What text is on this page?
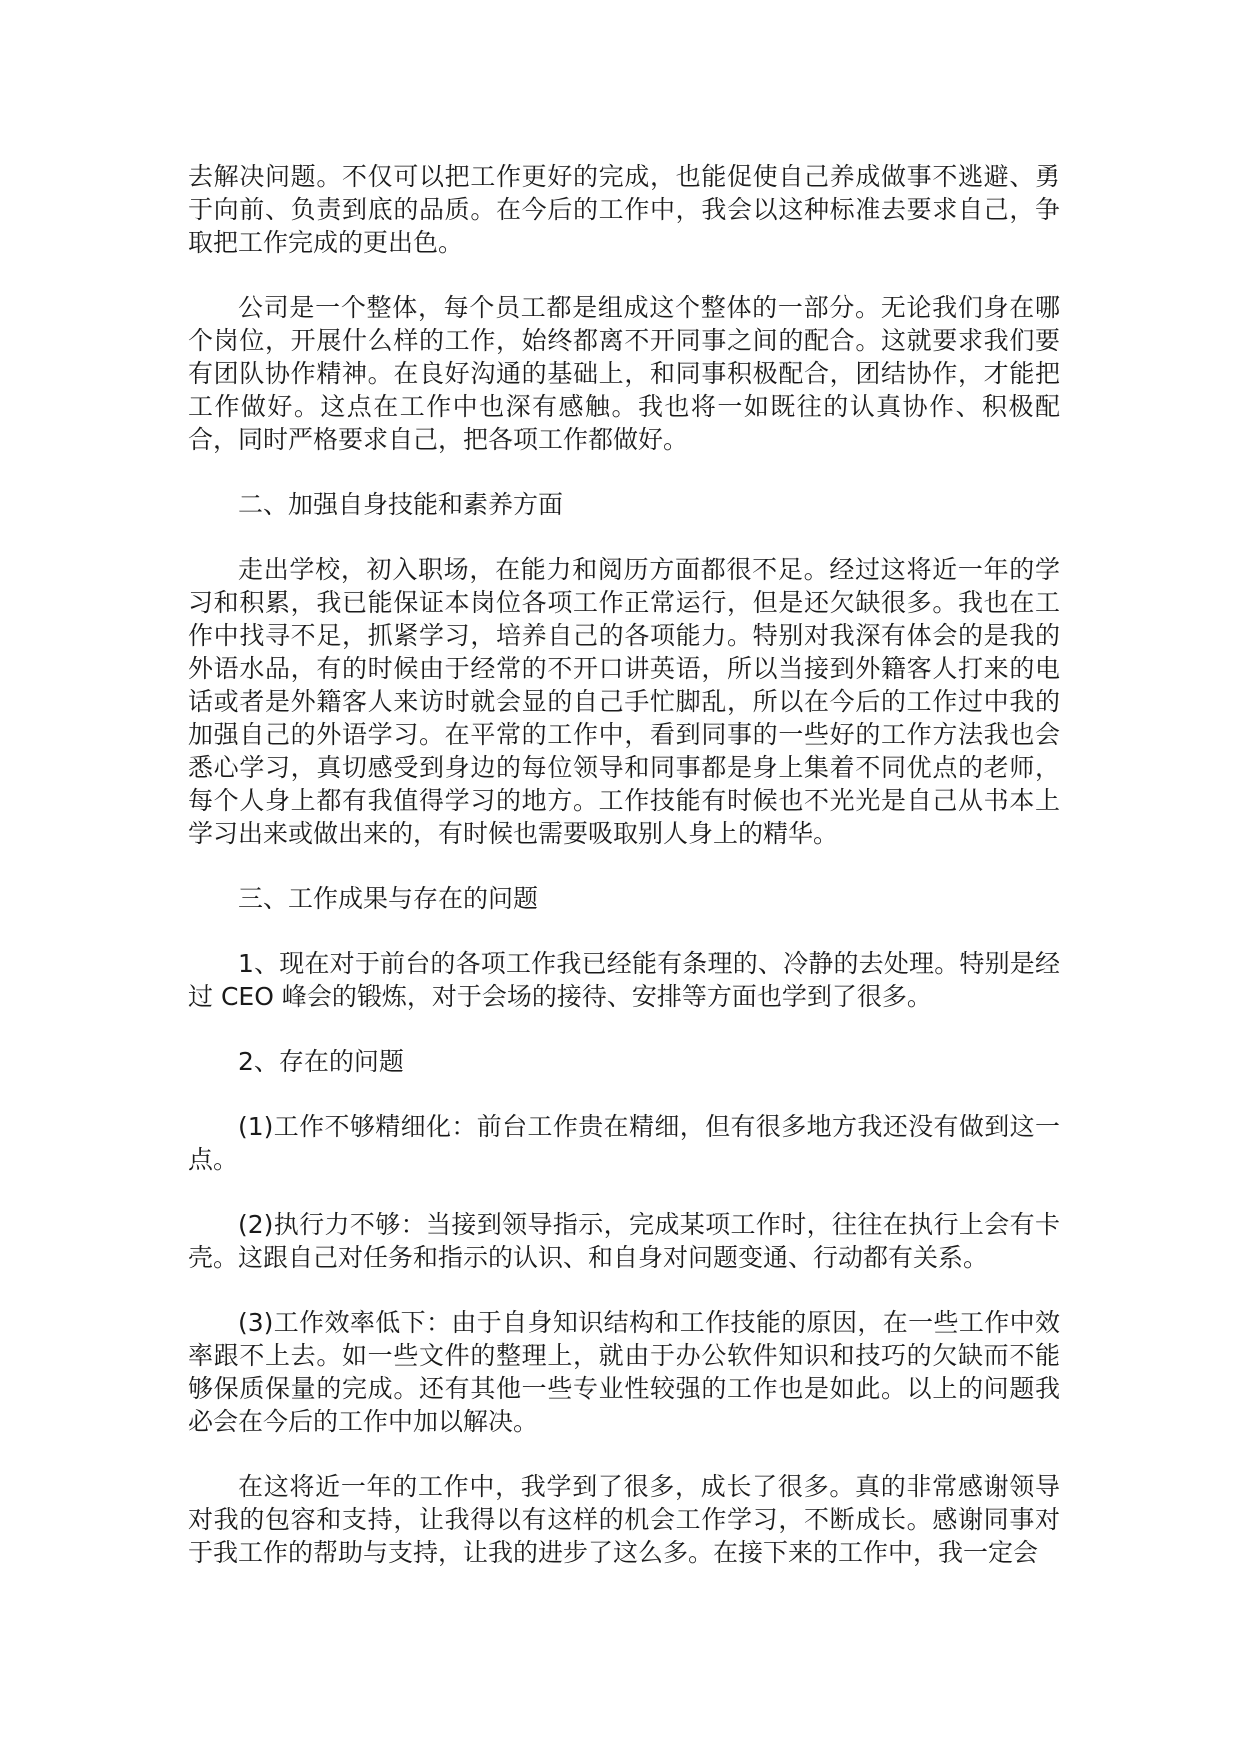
去解决问题。不仅可以把工作更好的完成，也能促使自己养成做事不逃避、勇于向前、负责到底的品质。在今后的工作中，我会以这种标准去要求自己，争取把工作完成的更出色。

公司是一个整体，每个员工都是组成这个整体的一部分。无论我们身在哪个岗位，开展什么样的工作，始终都离不开同事之间的配合。这就要求我们要有团队协作精神。在良好沟通的基础上，和同事积极配合，团结协作，才能把工作做好。这点在工作中也深有感触。我也将一如既往的认真协作、积极配合，同时严格要求自己，把各项工作都做好。

二、加强自身技能和素养方面

走出学校，初入职场，在能力和阅历方面都很不足。经过这将近一年的学习和积累，我已能保证本岗位各项工作正常运行，但是还欠缺很多。我也在工作中找寻不足，抓紧学习，培养自己的各项能力。特别对我深有体会的是我的外语水品，有的时候由于经常的不开口讲英语，所以当接到外籍客人打来的电话或者是外籍客人来访时就会显的自己手忙脚乱，所以在今后的工作过中我的加强自己的外语学习。在平常的工作中，看到同事的一些好的工作方法我也会悉心学习，真切感受到身边的每位领导和同事都是身上集着不同优点的老师，每个人身上都有我值得学习的地方。工作技能有时候也不光光是自己从书本上学习出来或做出来的，有时候也需要吸取别人身上的精华。

三、工作成果与存在的问题

1、现在对于前台的各项工作我已经能有条理的、冷静的去处理。特别是经过 CEO 峰会的锻炼，对于会场的接待、安排等方面也学到了很多。

2、存在的问题

(1)工作不够精细化：前台工作贵在精细，但有很多地方我还没有做到这一点。

(2)执行力不够：当接到领导指示，完成某项工作时，往往在执行上会有卡壳。这跟自己对任务和指示的认识、和自身对问题变通、行动都有关系。

(3)工作效率低下：由于自身知识结构和工作技能的原因，在一些工作中效率跟不上去。如一些文件的整理上，就由于办公软件知识和技巧的欠缺而不能够保质保量的完成。还有其他一些专业性较强的工作也是如此。以上的问题我必会在今后的工作中加以解决。

在这将近一年的工作中，我学到了很多，成长了很多。真的非常感谢领导对我的包容和支持，让我得以有这样的机会工作学习，不断成长。感谢同事对于我工作的帮助与支持，让我的进步了这么多。在接下来的工作中，我一定会
